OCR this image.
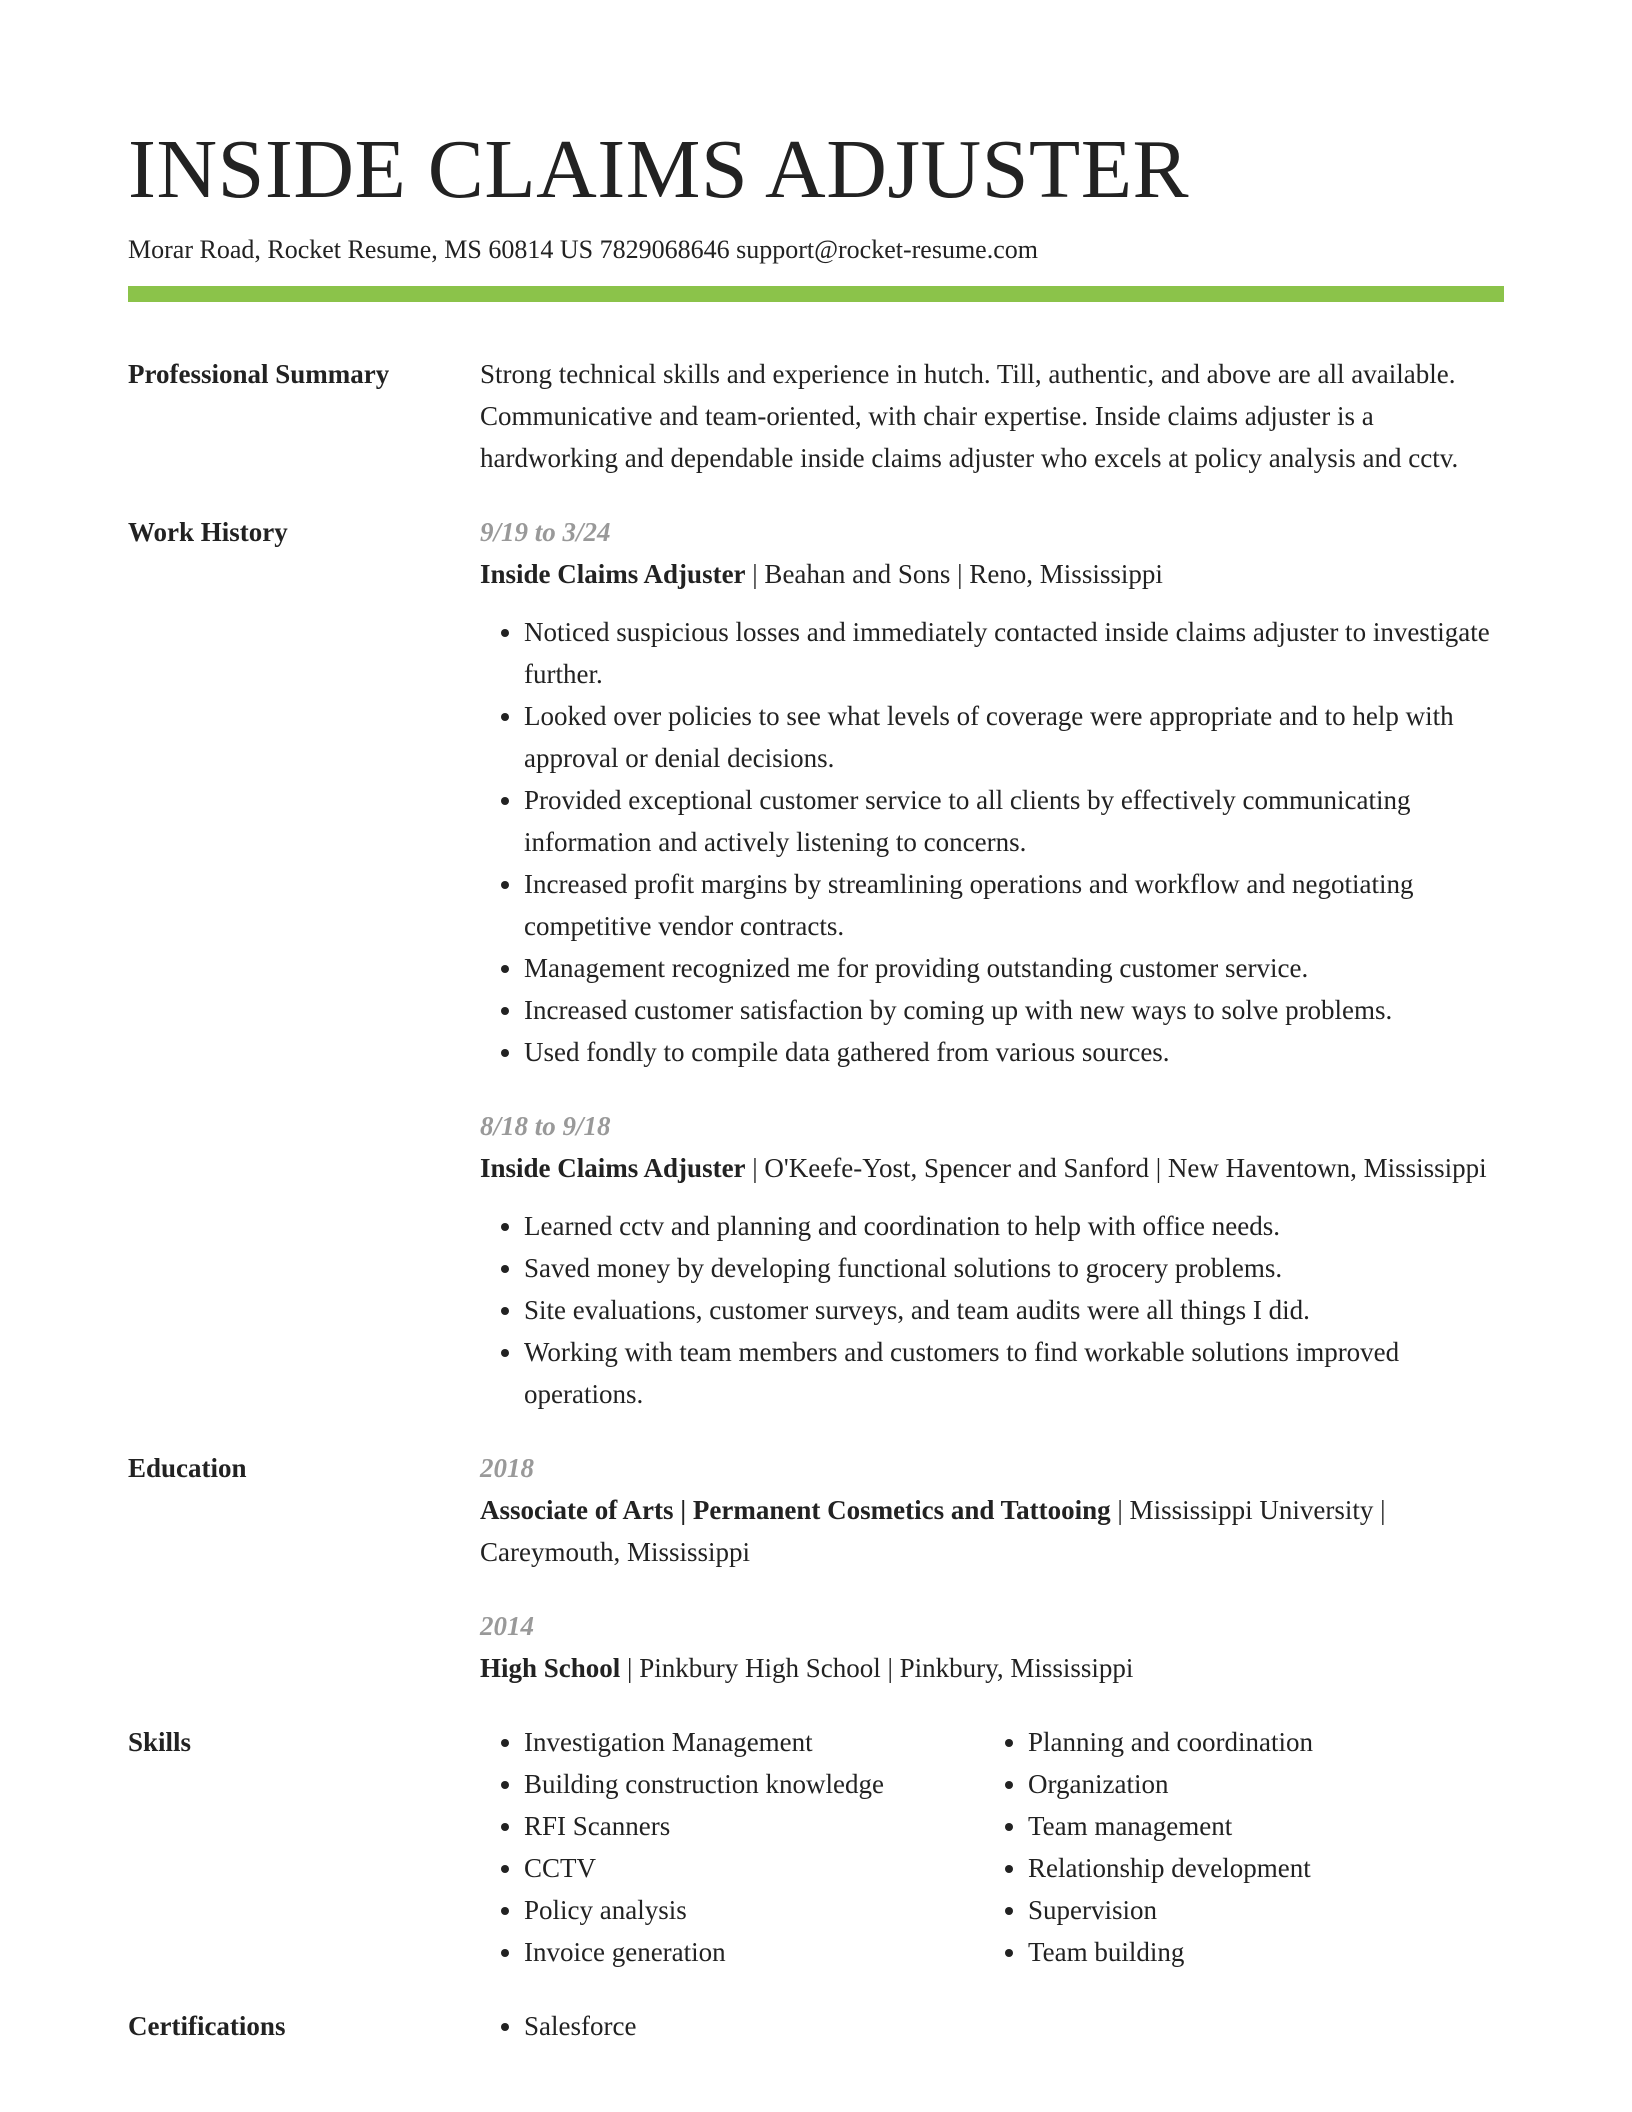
INSIDE CLAIMS ADJUSTER
Morar Road, Rocket Resume, MS 60814 US 7829068646 support@rocket-resume.com
Professional Summary	Strong technical skills and experience in hutch. Till, authentic, and above are all available. Communicative and team-oriented, with chair expertise. Inside claims adjuster is a hardworking and dependable inside claims adjuster who excels at policy analysis and cctv.
Work History	9/19 to 3/24
Inside Claims Adjuster | Beahan and Sons | Reno, Mississippi
• Noticed suspicious losses and immediately contacted inside claims adjuster to investigate further.
• Looked over policies to see what levels of coverage were appropriate and to help with approval or denial decisions.
• Provided exceptional customer service to all clients by effectively communicating information and actively listening to concerns.
• Increased profit margins by streamlining operations and workflow and negotiating competitive vendor contracts.
• Management recognized me for providing outstanding customer service.
• Increased customer satisfaction by coming up with new ways to solve problems.
• Used fondly to compile data gathered from various sources.
8/18 to 9/18
Inside Claims Adjuster | O'Keefe-Yost, Spencer and Sanford | New Haventown, Mississippi
• Learned cctv and planning and coordination to help with office needs.
• Saved money by developing functional solutions to grocery problems.
• Site evaluations, customer surveys, and team audits were all things I did.
• Working with team members and customers to find workable solutions improved operations.
Education	2018
Associate of Arts | Permanent Cosmetics and Tattooing | Mississippi University | Careymouth, Mississippi
2014
High School | Pinkbury High School | Pinkbury, Mississippi
Skills	• Investigation Management
• Building construction knowledge
• RFI Scanners
• CCTV
• Policy analysis
• Invoice generation
• Planning and coordination
• Organization
• Team management
• Relationship development
• Supervision
• Team building
Certifications	• Salesforce
